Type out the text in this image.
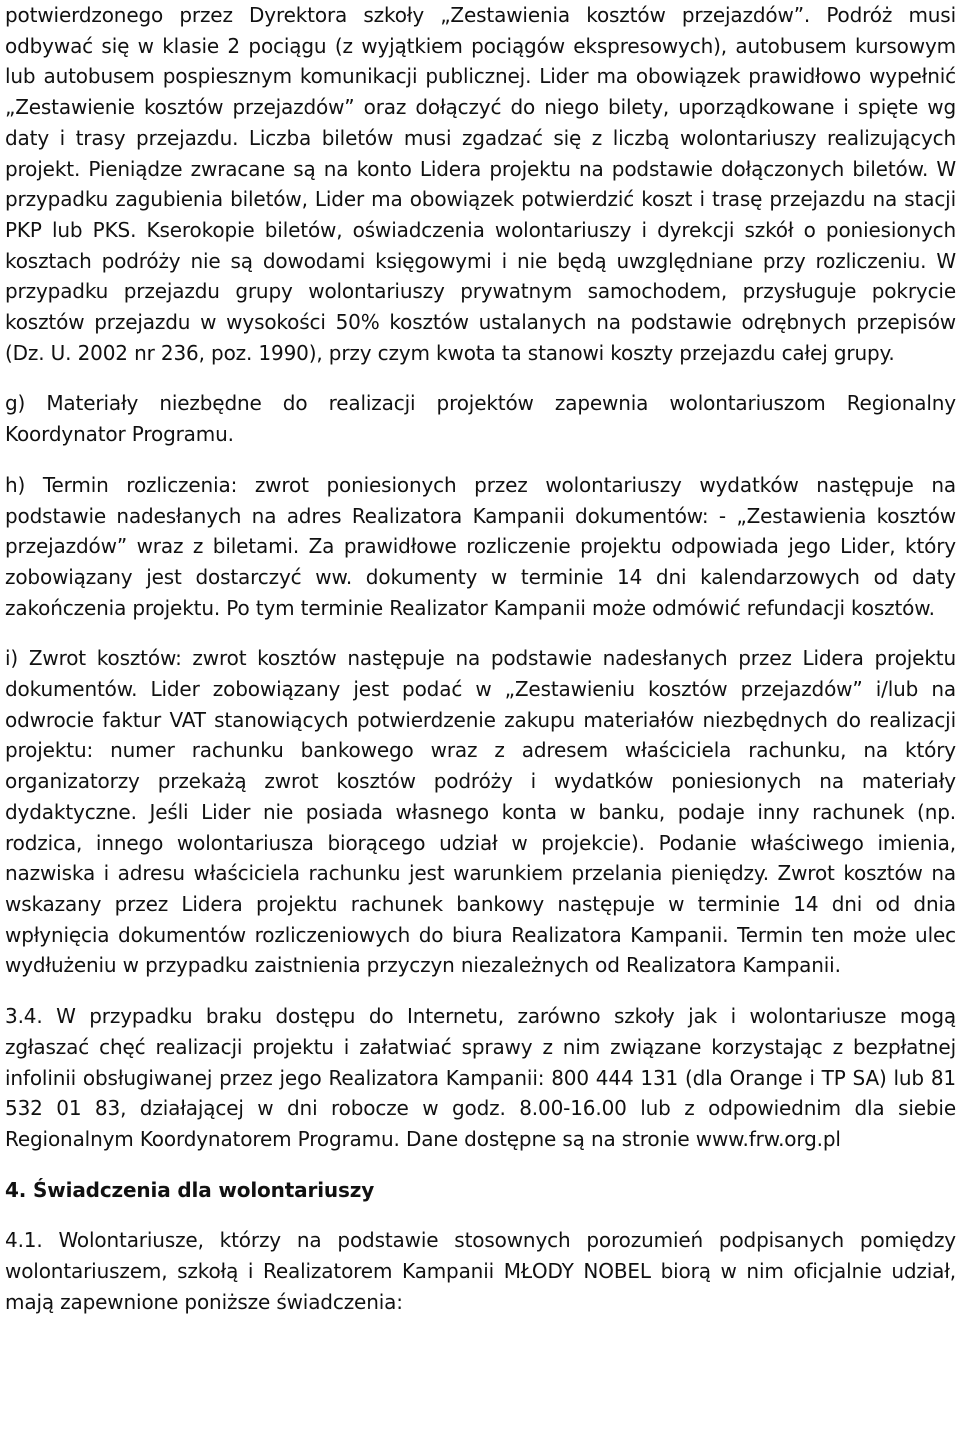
potwierdzonego przez Dyrektora szkoły „Zestawienia kosztów przejazdów”. Podróż musi odbywać się w klasie 2 pociągu (z wyjątkiem pociągów ekspresowych), autobusem kursowym lub autobusem pospiesznym komunikacji publicznej. Lider ma obowiązek prawidłowo wypełnić „Zestawienie kosztów przejazdów” oraz dołączyć do niego bilety, uporządkowane i spięte wg daty i trasy przejazdu. Liczba biletów musi zgadzać się z liczbą wolontariuszy realizujących projekt. Pieniądze zwracane są na konto Lidera projektu na podstawie dołączonych biletów. W przypadku zagubienia biletów, Lider ma obowiązek potwierdzić koszt i trasę przejazdu na stacji PKP lub PKS. Kserokopie biletów, oświadczenia wolontariuszy i dyrekcji szkół o poniesionych kosztach podróży nie są dowodami księgowymi i nie będą uwzględniane przy rozliczeniu. W przypadku przejazdu grupy wolontariuszy prywatnym samochodem, przysługuje pokrycie kosztów przejazdu w wysokości 50% kosztów ustalanych na podstawie odrębnych przepisów (Dz. U. 2002 nr 236, poz. 1990), przy czym kwota ta stanowi koszty przejazdu całej grupy.

g) Materiały niezbędne do realizacji projektów zapewnia wolontariuszom Regionalny Koordynator Programu.

h) Termin rozliczenia: zwrot poniesionych przez wolontariuszy wydatków następuje na podstawie nadesłanych na adres Realizatora Kampanii dokumentów: - „Zestawienia kosztów przejazdów” wraz z biletami. Za prawidłowe rozliczenie projektu odpowiada jego Lider, który zobowiązany jest dostarczyć ww. dokumenty w terminie 14 dni kalendarzowych od daty zakończenia projektu. Po tym terminie Realizator Kampanii może odmówić refundacji kosztów.

i) Zwrot kosztów: zwrot kosztów następuje na podstawie nadesłanych przez Lidera projektu dokumentów. Lider zobowiązany jest podać w „Zestawieniu kosztów przejazdów” i/lub na odwrocie faktur VAT stanowiących potwierdzenie zakupu materiałów niezbędnych do realizacji projektu: numer rachunku bankowego wraz z adresem właściciela rachunku, na który organizatorzy przekażą zwrot kosztów podróży i wydatków poniesionych na materiały dydaktyczne. Jeśli Lider nie posiada własnego konta w banku, podaje inny rachunek (np. rodzica, innego wolontariusza biorącego udział w projekcie). Podanie właściwego imienia, nazwiska i adresu właściciela rachunku jest warunkiem przelania pieniędzy. Zwrot kosztów na wskazany przez Lidera projektu rachunek bankowy następuje w terminie 14 dni od dnia wpłynięcia dokumentów rozliczeniowych do biura Realizatora Kampanii. Termin ten może ulec wydłużeniu w przypadku zaistnienia przyczyn niezależnych od Realizatora Kampanii.

3.4. W przypadku braku dostępu do Internetu, zarówno szkoły jak i wolontariusze mogą zgłaszać chęć realizacji projektu i załatwiać sprawy z nim związane korzystając z bezpłatnej infolinii obsługiwanej przez jego Realizatora Kampanii: 800 444 131 (dla Orange i TP SA) lub 81 532 01 83, działającej w dni robocze w godz. 8.00-16.00 lub z odpowiednim dla siebie Regionalnym Koordynatorem Programu. Dane dostępne są na stronie www.frw.org.pl

4. Świadczenia dla wolontariuszy

4.1. Wolontariusze, którzy na podstawie stosownych porozumień podpisanych pomiędzy wolontariuszem, szkołą i Realizatorem Kampanii MŁODY NOBEL biorą w nim oficjalnie udział, mają zapewnione poniższe świadczenia:
